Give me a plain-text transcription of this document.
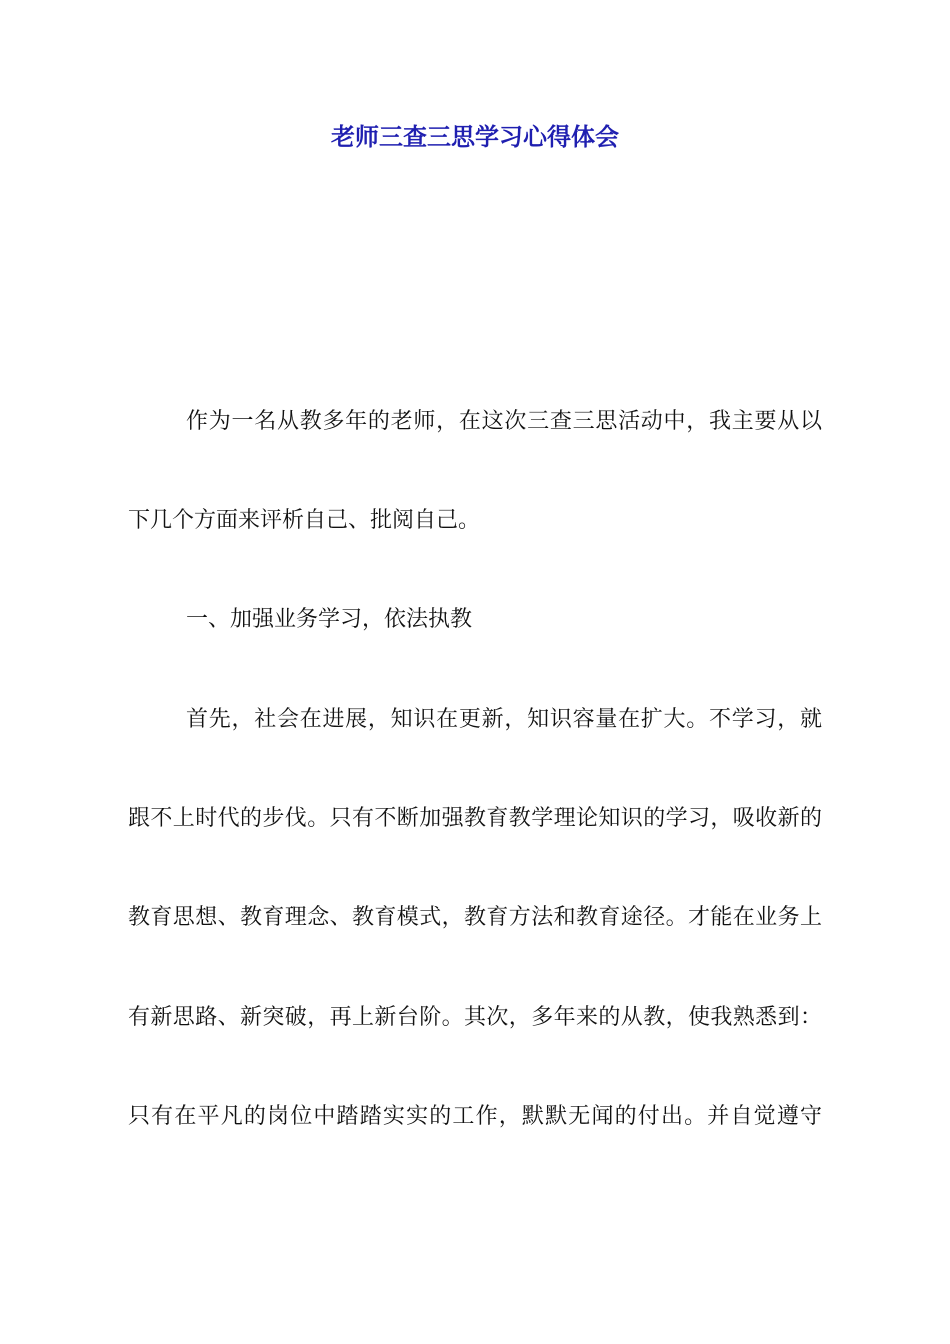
老师三查三思学习心得体会
作为一名从教多年的老师，在这次三查三思活动中，我主要从以
下几个方面来评析自己、批阅自己。
一、加强业务学习，依法执教
首先，社会在进展，知识在更新，知识容量在扩大。不学习，就
跟不上时代的步伐。只有不断加强教育教学理论知识的学习，吸收新的
教育思想、教育理念、教育模式，教育方法和教育途径。才能在业务上
有新思路、新突破，再上新台阶。其次，多年来的从教，使我熟悉到：
只有在平凡的岗位中踏踏实实的工作，默默无闻的付出。并自觉遵守
